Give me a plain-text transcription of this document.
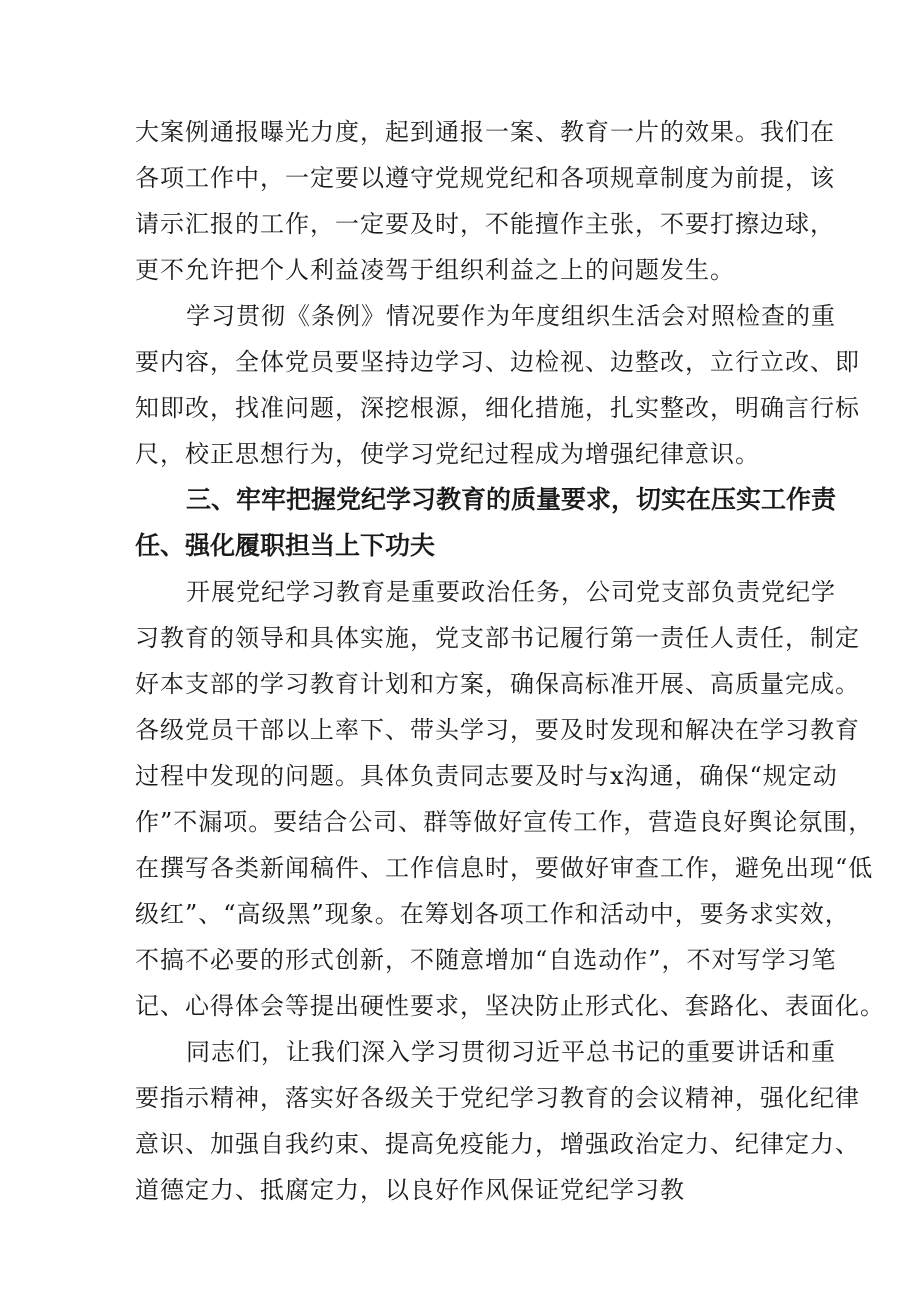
大案例通报曝光力度，起到通报一案、教育一片的效果。我们在
各项工作中，一定要以遵守党规党纪和各项规章制度为前提，该
请示汇报的工作，一定要及时，不能擅作主张，不要打擦边球，
更不允许把个人利益凌驾于组织利益之上的问题发生。
学习贯彻《条例》情况要作为年度组织生活会对照检查的重
要内容，全体党员要坚持边学习、边检视、边整改，立行立改、即
知即改，找准问题，深挖根源，细化措施，扎实整改，明确言行标
尺，校正思想行为，使学习党纪过程成为增强纪律意识。
三、牢牢把握党纪学习教育的质量要求，切实在压实工作责
任、强化履职担当上下功夫
开展党纪学习教育是重要政治任务，公司党支部负责党纪学
习教育的领导和具体实施，党支部书记履行第一责任人责任，制定
好本支部的学习教育计划和方案，确保高标准开展、高质量完成。
各级党员干部以上率下、带头学习，要及时发现和解决在学习教育
过程中发现的问题。具体负责同志要及时与x沟通，确保“规定动
作”不漏项。要结合公司、群等做好宣传工作，营造良好舆论氛围，
在撰写各类新闻稿件、工作信息时，要做好审查工作，避免出现“低
级红”、“高级黑”现象。在筹划各项工作和活动中，要务求实效，
不搞不必要的形式创新，不随意增加“自选动作”，不对写学习笔
记、心得体会等提出硬性要求，坚决防止形式化、套路化、表面化。
同志们，让我们深入学习贯彻习近平总书记的重要讲话和重
要指示精神，落实好各级关于党纪学习教育的会议精神，强化纪律
意识、加强自我约束、提高免疫能力，增强政治定力、纪律定力、
道德定力、抵腐定力，以良好作风保证党纪学习教
